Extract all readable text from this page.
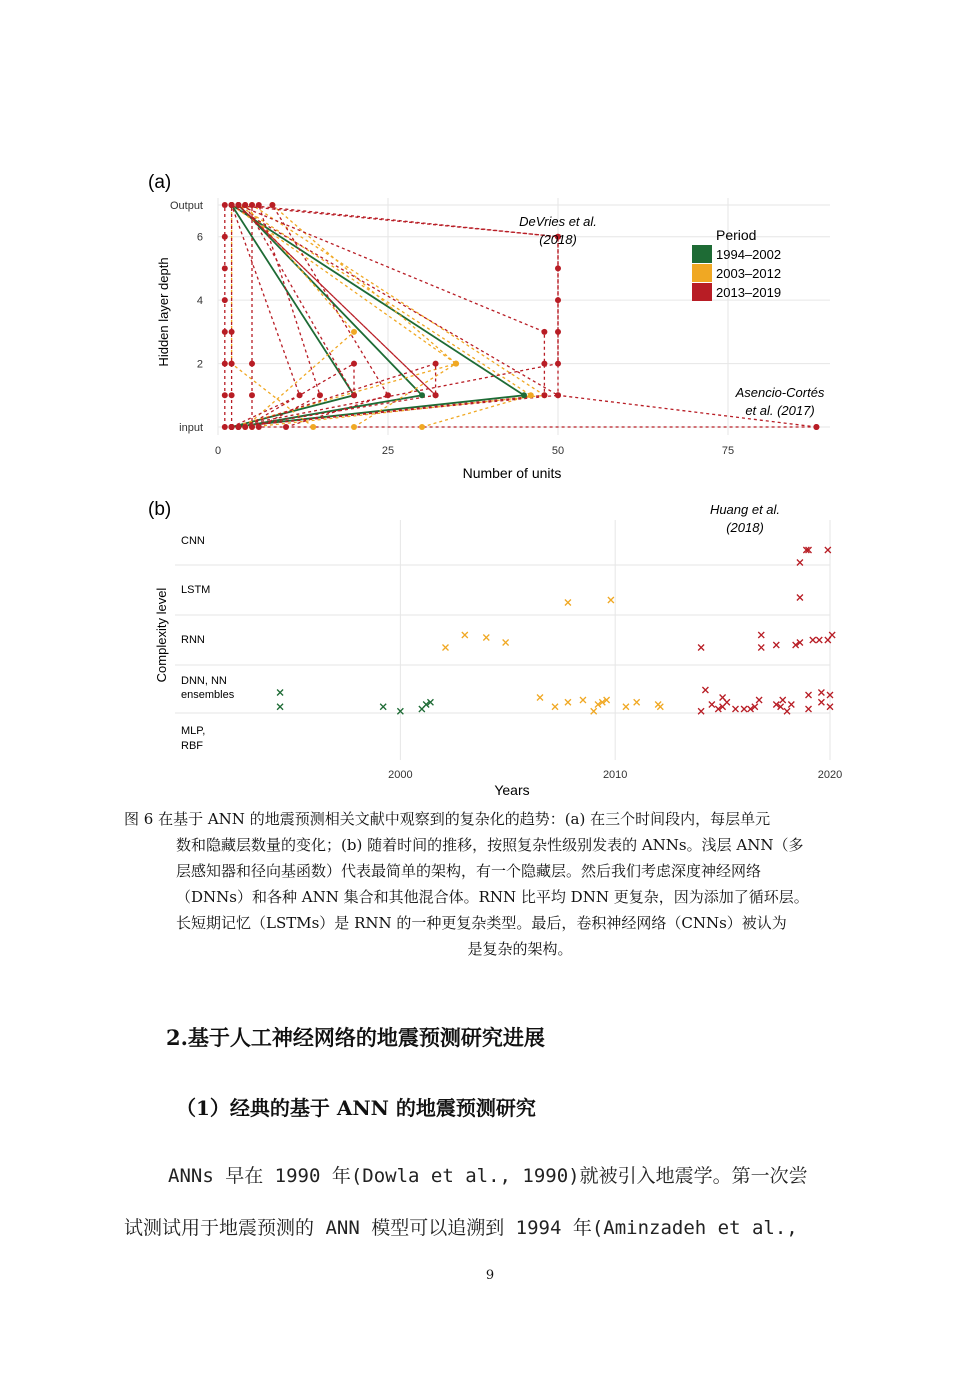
(a)
input
2
4
6
Output
0	25	50	75
Number of units
Hidden layer depth
DeVries et al.
(2018)
Asencio-Cortés
et al. (2017)
Period
1994–2002
2003–2012
2013–2019
(b)
CNN
LSTM
RNN
DNN, NN
ensembles
MLP,
RBF
2000	2010	2020
Years
Complexity level
Huang et al.
(2018)

图 6 在基于 ANN 的地震预测相关文献中观察到的复杂化的趋势：(a) 在三个时间段内，每层单元

数和隐藏层数量的变化；(b) 随着时间的推移，按照复杂性级别发表的 ANNs。浅层 ANN（多

层感知器和径向基函数）代表最简单的架构，有一个隐藏层。然后我们考虑深度神经网络

（DNNs）和各种 ANN 集合和其他混合体。RNN 比平均 DNN 更复杂，因为添加了循环层。

长短期记忆（LSTMs）是 RNN 的一种更复杂类型。最后，卷积神经网络（CNNs）被认为

是复杂的架构。

2.基于人工神经网络的地震预测研究进展
（1）经典的基于 ANN 的地震预测研究

ANNs 早在 1990 年(Dowla et al., 1990)就被引入地震学。第一次尝

试测试用于地震预测的 ANN 模型可以追溯到 1994 年(Aminzadeh et al.,

9
